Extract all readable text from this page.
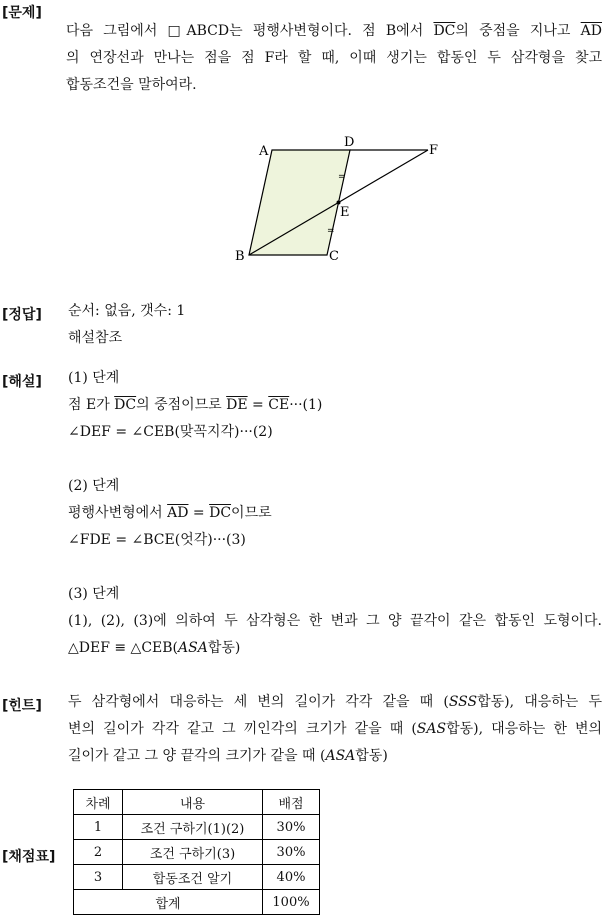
[문제]
다음 그림에서 □ABCD는 평행사변형이다. 점 B에서 $\overline{DC}$의 중점을 지나고 $\overline{AD}$
의 연장선과 만나는 점을 점 F라 할 때, 이때 생기는 합동인 두 삼각형을 찾고
합동조건을 말하여라.
=
=
A
D
F
E
B	C
[정답] 순서: 없음, 갯수: 1
해설참조
[해설] (1) 단계
점 E가 $\overline{DC}$의 중점이므로 $\overline{DE} = \overline{CE}\cdot\cdot\cdot(1)$
∠DEF = ∠CEB(맞꼭지각)···(2)
(2) 단계
평행사변형에서 $\overline{AD} = \overline{DC}$이므로
∠FDE = ∠BCE(엇각)···(3)
(3) 단계
(1), (2), (3)에 의하여 두 삼각형은 한 변과 그 양 끝각이 같은 합동인 도형이다.
△DEF ≡ △CEB(ASA합동)
[힌트] 두 삼각형에서 대응하는 세 변의 길이가 각각 같을 때 (SSS합동), 대응하는 두
변의 길이가 각각 같고 그 끼인각의 크기가 같을 때 (SAS합동), 대응하는 한 변의
길이가 같고 그 양 끝각의 크기가 같을 때 (ASA합동)
[채점표]
차례	내용	배점
1	조건 구하기(1)(2)	30%
2	조건 구하기(3)	30%
3	합동조건 알기	40%
합계		100%
